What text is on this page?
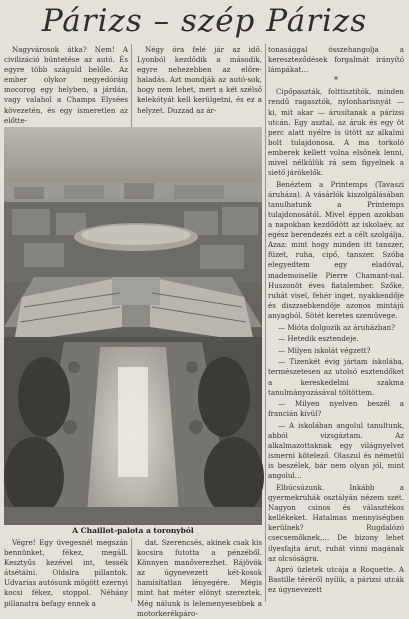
Párizs – szép Párizs

Nagyvárosok átka? Nem! A civilizáció büntetése az autó. És egyre több száguld belőle. Az ember olykor negyedóráig mocorog egy helyben, a járdán, vagy valahol a Champs Elysées kövezetén, és egy ismeretlen az előtte-

Négy óra felé jár az idő. Lyonból kezdődik a második, egyre nehezebben az előre-haladás. Azt mondják az autó-sok, hogy nem lehet, mert a két szélső kelekótyát kell kerülgetni, és ez a helyzet. Duzzad az ár-

A Chaillot-palota a toronyból

Végre! Egy üvegesnél megszán bennünket, fékez, megáll. Kesztyűs kezével int, tessék átsétálni. Oldalra pillantok. Udvarias autósunk mögött ezernyi kocsi fékez, stoppol. Néhány pillanatra befagy ennek a

dat. Szerencsés, akinek csak kis kocsira futotta a pénzéből. Könnyen manőverezhet. Rájövök az úgynevezett két-kosok hamisítatlan lényegére. Mégis mint hat méter elönyt szereztek. Még nálunk is lelemenyesebbek a motorkerékpáro-

tonasággal összehangolja a kereszteződések forgalmát irányító lámpákat…

*

Cipőpaszták, folttisztítók, minden rendű ragasztók, nylonharisnyát — ki, mit akar — árusítanak a párizsi utcán. Egy asztal, az áruk és egy öt perc alatt nyélre is ütött az alkalmi bolt tulajdonosa. A ma torkoló emberek kellett volna elsőnek lenni, mivel nélkülük rá sem figyelnek a siető járókelők.

Benéztem a Printemps (Tavaszi áruháza). A vásárlók kiszolgálásában tanulhatunk a Printemps tulajdonosától. Mivel éppen azokban a napokban kezdődött az iskolaév, az egész berendezés ezt a célt szolgálja. Azaz: mint hogy minden itt tanszer, füzet, ruha, cipő, tanszer. Szóba elegyedtem egy eladóval, mademoiselle Pierre Chamant-nal. Huszonöt éves fiatalember. Szőke, ruhát visel, fehér inget, nyakkendője és diszzsebkendője azonos mintájú anyagból. Sötét keretes szeművege.

— Mióta dolgozik az áruházban?

— Hetedik esztendeje.

— Milyen iskolát végzett?

— Tizenkét évig jártam iskolába, természetesen az utolsó esztendőket a kereskedelmi szakma tanulmányozásával töltöttem.

— Milyen nyelven beszél a francián kívül?

— A iskolában angolul tanultunk, abból vizsgáztam. Az alkalmazottaknak egy világnyelvet ismerni kötelező. Olaszul és németül is beszélek, bár nem olyan jól, mint angolul…

Elbúcsúzunk. Inkább a gyermekruhák osztályán nézem szét. Nagyon csinos és választékos kellékeket. Hatalmas mennyiségben kerülnek? Rugdalózó csecsemőknek,… De bizony lehet ilyesfajta árut, ruhát vinni magának az olcsóságra.

Apró üzletek utcája a Roquette. A Bastille téréről nyílik, a párizsi utcák ez úgynevezett
